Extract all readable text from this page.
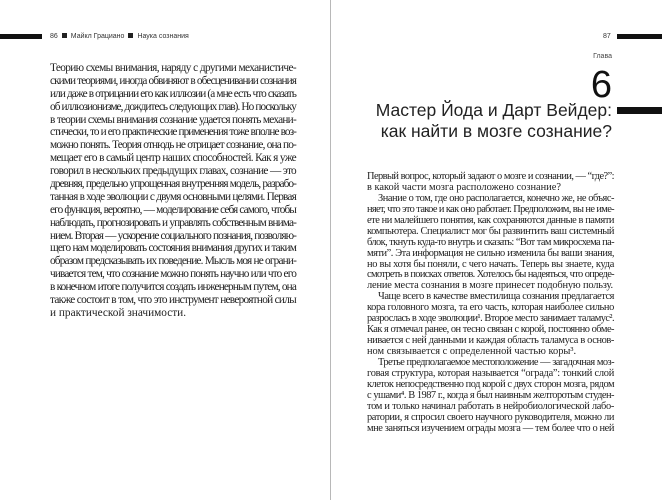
86 Майкл Грациано Наука сознания
Теорию схемы внимания, наряду с другими механистиче-
скими теориями, иногда обвиняют в обесценивании сознания
или даже в отрицании его как иллюзии (а мне есть что сказать
об иллюзионизме, дождитесь следующих глав). Но поскольку
в теории схемы внимания сознание удается понять механи-
стически, то и его практические применения тоже вполне воз-
можно понять. Теория отнюдь не отрицает сознание, она по-
мещает его в самый центр наших способностей. Как я уже
говорил в нескольких предыдущих главах, сознание — это
древняя, предельно упрощенная внутренняя модель, разрабо-
танная в ходе эволюции с двумя основными целями. Первая
его функция, вероятно, — моделирование себя самого, чтобы
наблюдать, прогнозировать и управлять собственным внима-
нием. Вторая — ускорение социального познания, позволяю-
щего нам моделировать состояния внимания других и таким
образом предсказывать их поведение. Мысль моя не ограни-
чивается тем, что сознание можно понять научно или что его
в конечном итоге получится создать инженерным путем, она
также состоит в том, что это инструмент невероятной силы
и практической значимости.
87
Глава
6
Мастер Йода и Дарт Вейдер:
как найти в мозге сознание?
Первый вопрос, который задают о мозге и сознании, — “где?”:
в какой части мозга расположено сознание?
Знание о том, где оно располагается, конечно же, не объяс-
няет, что это такое и как оно работает. Предположим, вы не име-
ете ни малейшего понятия, как сохраняются данные в памяти
компьютера. Специалист мог бы развинтить ваш системный
блок, ткнуть куда-то внутрь и сказать: “Вот там микросхема па-
мяти”. Эта информация не сильно изменила бы ваши знания,
но вы хотя бы поняли, с чего начать. Теперь вы знаете, куда
смотреть в поисках ответов. Хотелось бы надеяться, что опреде-
ление места сознания в мозге принесет подобную пользу.
Чаще всего в качестве вместилища сознания предлагается
кора головного мозга, та его часть, которая наиболее сильно
разрослась в ходе эволюции¹. Второе место занимает таламус².
Как я отмечал ранее, он тесно связан с корой, постоянно обме-
нивается с ней данными и каждая область таламуса в основ-
ном связывается с определенной частью коры³.
Третье предполагаемое местоположение — загадочная моз-
говая структура, которая называется “ограда”: тонкий слой
клеток непосредственно под корой с двух сторон мозга, рядом
с ушами⁴. В 1987 г., когда я был наивным желторотым студен-
том и только начинал работать в нейробиологической лабо-
ратории, я спросил своего научного руководителя, можно ли
мне заняться изучением ограды мозга — тем более что о ней
